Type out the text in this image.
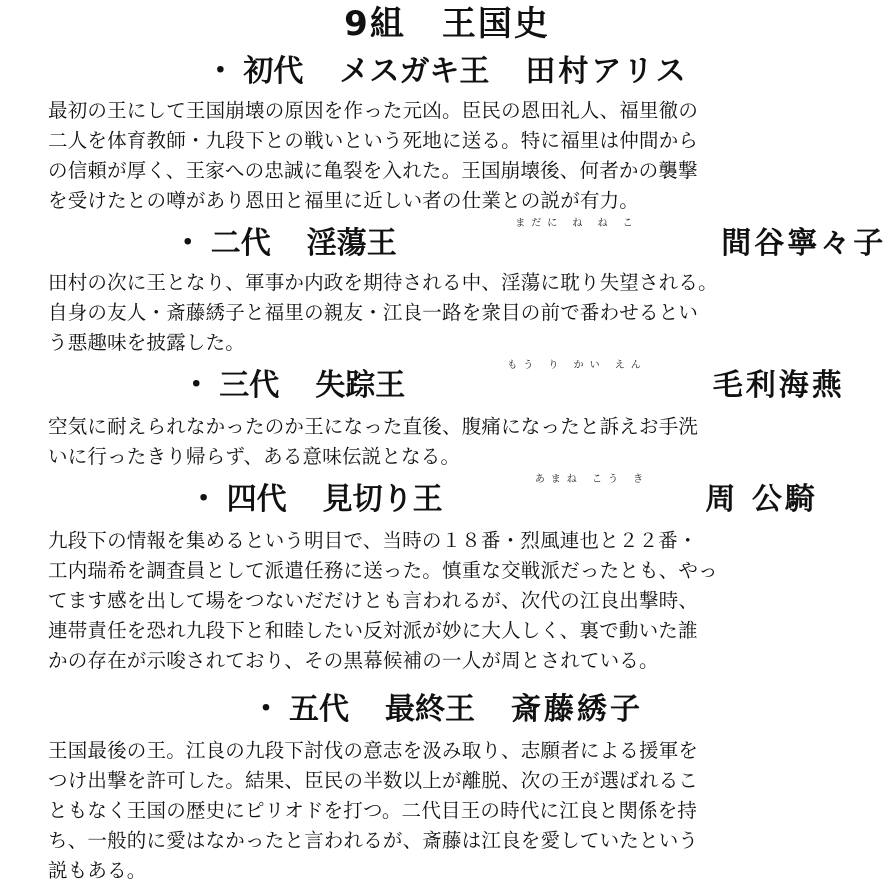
9組　王国史
・ 初代 メスガキ王 田村アリス
最初の王にして王国崩壊の原因を作った元凶。臣民の恩田礼人、福里徹の
二人を体育教師・九段下との戦いという死地に送る。特に福里は仲間から
の信頼が厚く、王家への忠誠に亀裂を入れた。王国崩壊後、何者かの襲撃
を受けたとの噂があり恩田と福里に近しい者の仕業との説が有力。
・ 二代 淫蕩王まだに ね ね こ間谷寧々子
田村の次に王となり、軍事か内政を期待される中、淫蕩に耽り失望される。
自身の友人・斎藤綉子と福里の親友・江良一路を衆目の前で番わせるとい
う悪趣味を披露した。
・ 三代 失踪王もう り かい えん毛利海燕
空気に耐えられなかったのか王になった直後、腹痛になったと訴えお手洗
いに行ったきり帰らず、ある意味伝説となる。
・ 四代 見切り王あまね こう き周 公騎
九段下の情報を集めるという明目で、当時の１８番・烈風連也と２２番・
工内瑞希を調査員として派遣任務に送った。慎重な交戦派だったとも、やっ
てます感を出して場をつないだだけとも言われるが、次代の江良出撃時、
連帯責任を恐れ九段下と和睦したい反対派が妙に大人しく、裏で動いた誰
かの存在が示唆されており、その黒幕候補の一人が周とされている。
・ 五代 最終王 斎藤綉子
王国最後の王。江良の九段下討伐の意志を汲み取り、志願者による援軍を
つけ出撃を許可した。結果、臣民の半数以上が離脱、次の王が選ばれるこ
ともなく王国の歴史にピリオドを打つ。二代目王の時代に江良と関係を持
ち、一般的に愛はなかったと言われるが、斎藤は江良を愛していたという
説もある。
